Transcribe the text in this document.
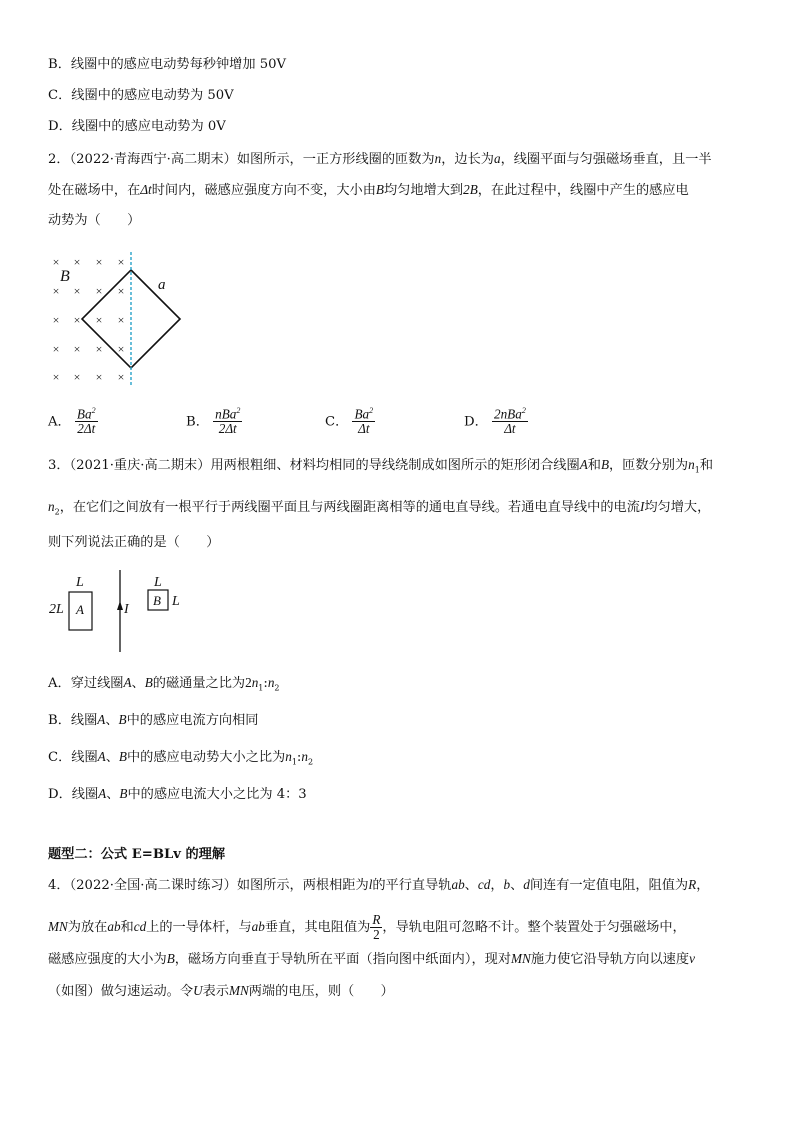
B．线圈中的感应电动势每秒钟增加 50V
C．线圈中的感应电动势为 50V
D．线圈中的感应电动势为 0V
2．（2022·青海西宁·高二期末）如图所示，一正方形线圈的匝数为n，边长为a，线圈平面与匀强磁场垂直，且一半
处在磁场中，在Δt时间内，磁感应强度方向不变，大小由B均匀地增大到2B，在此过程中，线圈中产生的感应电
动势为（　　）
× × × ×
× × × ×
× × × ×
× × × ×
× × × ×
B	a
A． $\frac{Ba^2}{2\Delta t}$	B． $\frac{nBa^2}{2\Delta t}$	C． $\frac{Ba^2}{\Delta t}$	D． $\frac{2nBa^2}{\Delta t}$
3．（2021·重庆·高二期末）用两根粗细、材料均相同的导线绕制成如图所示的矩形闭合线圈A和B，匝数分别为$n_1$和
$n_2$，在它们之间放有一根平行于两线圈平面且与两线圈距离相等的通电直导线。若通电直导线中的电流I均匀增大，
则下列说法正确的是（　　）
L
2L A	I
L
B L
A．穿过线圈A、B的磁通量之比为$2n_1:n_2$
B．线圈A、B中的感应电流方向相同
C．线圈A、B中的感应电动势大小之比为$n_1:n_2$
D．线圈A、B中的感应电流大小之比为 4：3
题型二：公式 E=BLv 的理解
4．（2022·全国·高二课时练习）如图所示，两根相距为l的平行直导轨ab、cd，b、d间连有一定值电阻，阻值为R，
MN为放在ab和cd上的一导体杆，与ab垂直，其电阻值为 $\frac{R}{2}$ ，导轨电阻可忽略不计。整个装置处于匀强磁场中，
磁感应强度的大小为B，磁场方向垂直于导轨所在平面（指向图中纸面内），现对MN施力使它沿导轨方向以速度v
（如图）做匀速运动。令U表示MN两端的电压，则（　　）
